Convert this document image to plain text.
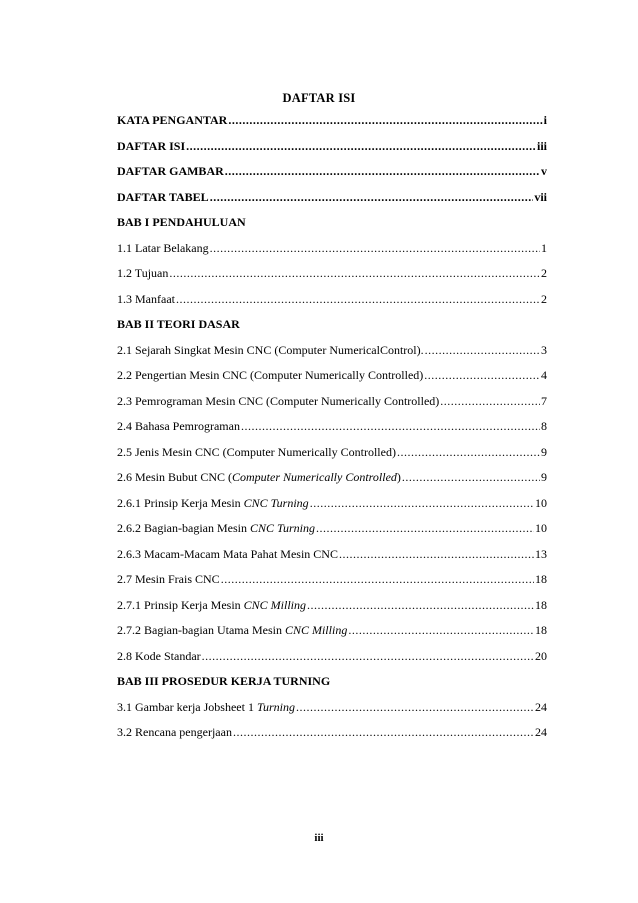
DAFTAR ISI
KATA PENGANTAR .....	i
DAFTAR ISI .....	iii
DAFTAR GAMBAR .....	v
DAFTAR TABEL .....	vii
BAB I PENDAHULUAN
1.1 Latar Belakang .....	1
1.2 Tujuan .....	2
1.3 Manfaat .....	2
BAB II TEORI DASAR
2.1 Sejarah Singkat Mesin CNC (Computer NumericalControl). .....	3
2.2 Pengertian Mesin CNC (Computer Numerically Controlled) .....	4
2.3 Pemrograman Mesin CNC (Computer Numerically Controlled) .....	7
2.4 Bahasa Pemrograman .....	8
2.5 Jenis Mesin CNC (Computer Numerically Controlled) .....	9
2.6 Mesin Bubut CNC (Computer Numerically Controlled) .....	9
2.6.1 Prinsip Kerja Mesin CNC Turning .....	10
2.6.2 Bagian-bagian Mesin CNC Turning .....	10
2.6.3 Macam-Macam Mata Pahat Mesin CNC .....	13
2.7 Mesin Frais CNC .....	18
2.7.1 Prinsip Kerja Mesin CNC Milling .....	18
2.7.2 Bagian-bagian Utama Mesin CNC Milling .....	18
2.8 Kode Standar .....	20
BAB III PROSEDUR KERJA TURNING
3.1 Gambar kerja Jobsheet 1 Turning .....	24
3.2 Rencana pengerjaan .....	24
iii
